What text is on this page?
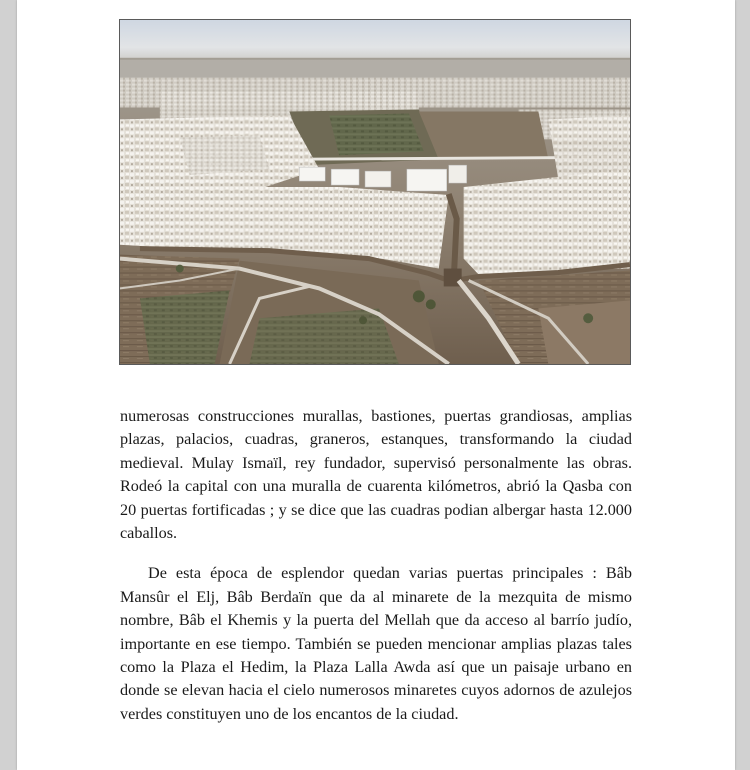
numerosas construcciones murallas, bastiones, puertas grandiosas, amplias plazas, palacios, cuadras, graneros, estanques, transformando la ciudad medieval. Mulay Ismaïl, rey fundador, supervisó personalmente las obras. Rodeó la capital con una muralla de cuarenta kilómetros, abrió la Qasba con 20 puertas fortificadas ; y se dice que las cuadras podian albergar hasta 12.000 caballos.

De esta época de esplendor quedan varias puertas principales : Bâb Mansûr el Elj, Bâb Berdaïn que da al minarete de la mezquita de mismo nombre, Bâb el Khemis y la puerta del Mellah que da acceso al barrío judío, importante en ese tiempo. También se pueden mencionar amplias plazas tales como la Plaza el Hedim, la Plaza Lalla Awda así que un paisaje urbano en donde se elevan hacia el cielo numerosos minaretes cuyos adornos de azulejos verdes constituyen uno de los encantos de la ciudad.
